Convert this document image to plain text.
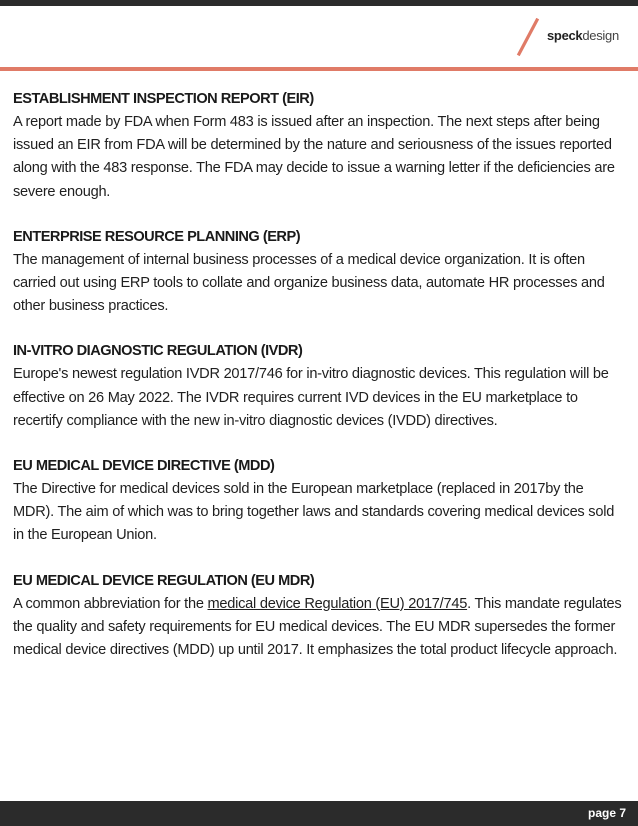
speckdesign
ESTABLISHMENT INSPECTION REPORT (EIR)

A report made by FDA when Form 483 is issued after an inspection. The next steps after being issued an EIR from FDA will be determined by the nature and seriousness of the issues reported along with the 483 response. The FDA may decide to issue a warning letter if the deficiencies are severe enough.

ENTERPRISE RESOURCE PLANNING (ERP)

The management of internal business processes of a medical device organization. It is often carried out using ERP tools to collate and organize business data, automate HR processes and other business practices.

IN-VITRO DIAGNOSTIC REGULATION (IVDR)

Europe's newest regulation IVDR 2017/746 for in-vitro diagnostic devices. This regulation will be effective on 26 May 2022. The IVDR requires current IVD devices in the EU marketplace to recertify compliance with the new in-vitro diagnostic devices (IVDD) directives.

EU MEDICAL DEVICE DIRECTIVE (MDD)

The Directive for medical devices sold in the European marketplace (replaced in 2017by the MDR). The aim of which was to bring together laws and standards covering medical devices sold in the European Union.

EU MEDICAL DEVICE REGULATION (EU MDR)

A common abbreviation for the medical device Regulation (EU) 2017/745. This mandate regulates the quality and safety requirements for EU medical devices. The EU MDR supersedes the former medical device directives (MDD) up until 2017. It emphasizes the total product lifecycle approach.

page 7
